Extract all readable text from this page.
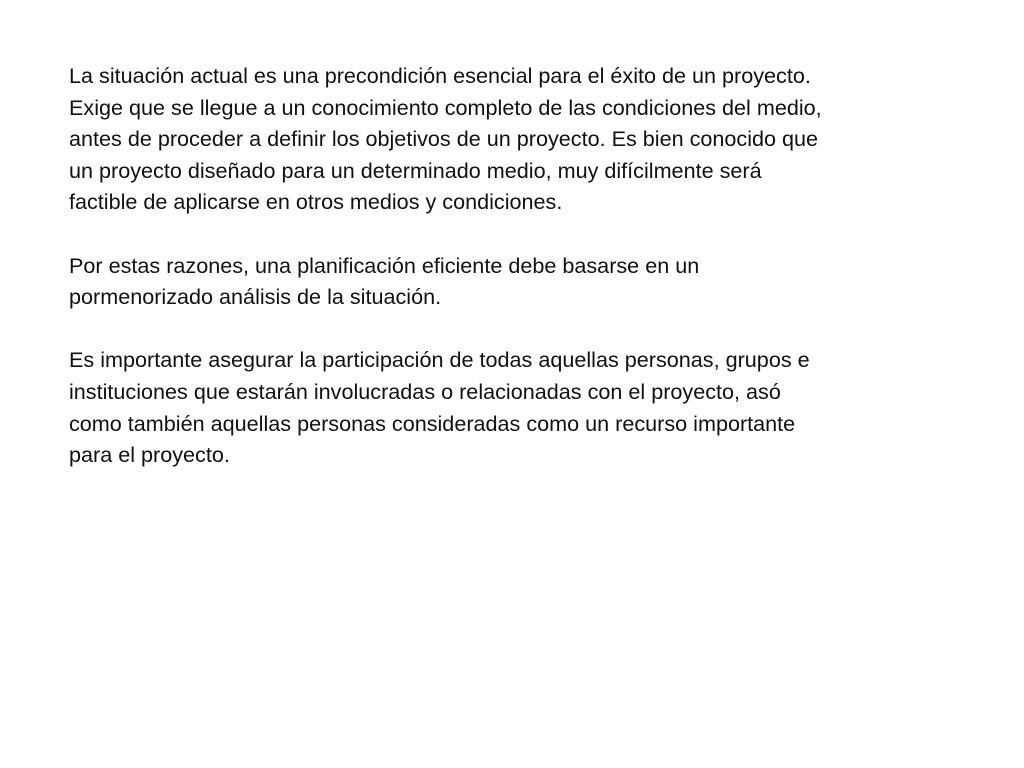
La situación actual es una precondición esencial para el éxito de un proyecto.
Exige que se llegue a un conocimiento completo de las condiciones del medio,
antes de proceder a definir los objetivos de un proyecto. Es bien conocido que
un proyecto diseñado para un determinado medio, muy difícilmente será
factible de aplicarse en otros medios y condiciones.

Por estas razones, una planificación eficiente debe basarse en un
pormenorizado análisis de la situación.

Es importante asegurar la participación de todas aquellas personas, grupos e
instituciones que estarán involucradas o relacionadas con el proyecto, asó
como también aquellas personas consideradas como un recurso importante
para el proyecto.
